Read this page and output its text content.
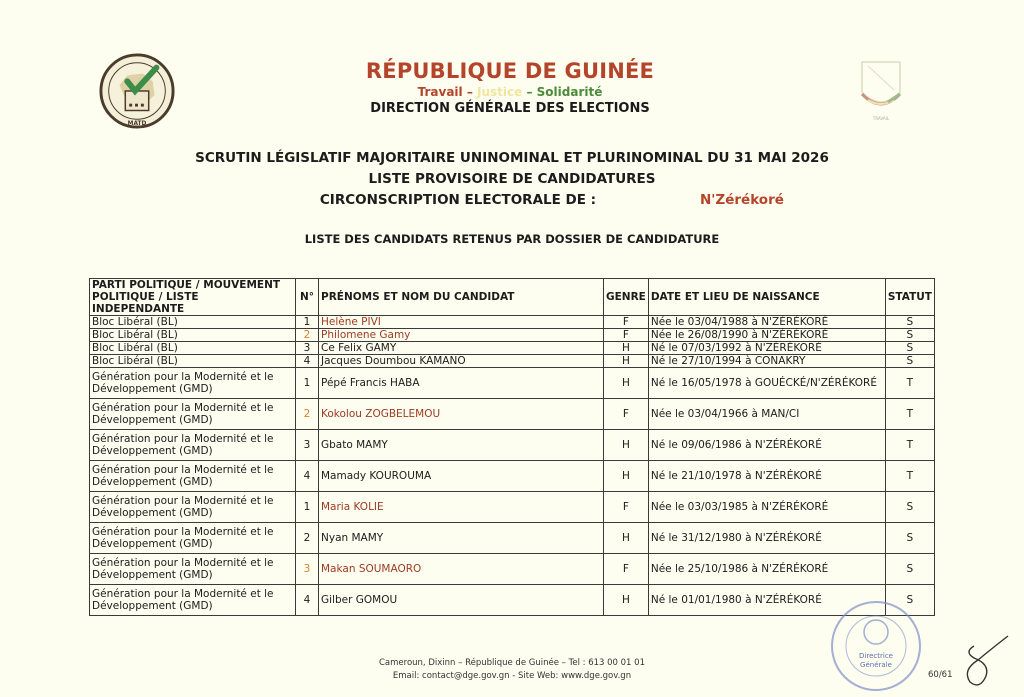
MATD
TRAVAIL
RÉPUBLIQUE DE GUINÉE
Travail – Justice – Solidarité
DIRECTION GÉNÉRALE DES ELECTIONS
SCRUTIN LÉGISLATIF MAJORITAIRE UNINOMINAL ET PLURINOMINAL DU 31 MAI 2026
LISTE PROVISOIRE DE CANDIDATURES
CIRCONSCRIPTION ELECTORALE DE :	N'Zérékoré
LISTE DES CANDIDATS RETENUS PAR DOSSIER DE CANDIDATURE
PARTI POLITIQUE / MOUVEMENT POLITIQUE / LISTE INDEPENDANTE	N°	PRÉNOMS ET NOM DU CANDIDAT	GENRE	DATE ET LIEU DE NAISSANCE	STATUT
Bloc Libéral (BL)	1	Helène PIVI	F	Née le 03/04/1988 à N'ZÉRÉKORÉ	S
Bloc Libéral (BL)	2	Philomene Gamy	F	Née le 26/08/1990 à N'ZÉRÉKORÉ	S
Bloc Libéral (BL)	3	Ce Felix GAMY	H	Né le 07/03/1992 à N'ZÉRÉKORÉ	S
Bloc Libéral (BL)	4	Jacques Doumbou KAMANO	H	Né le 27/10/1994 à CONAKRY	S
Génération pour la Modernité et le Développement (GMD)	1	Pépé Francis HABA	H	Né le 16/05/1978 à GOUÉCKÉ/N'ZÉRÉKORÉ	T
Génération pour la Modernité et le Développement (GMD)	2	Kokolou ZOGBELEMOU	F	Née le 03/04/1966 à MAN/CI	T
Génération pour la Modernité et le Développement (GMD)	3	Gbato MAMY	H	Né le 09/06/1986 à N'ZÉRÉKORÉ	T
Génération pour la Modernité et le Développement (GMD)	4	Mamady KOUROUMA	H	Né le 21/10/1978 à N'ZÉRÉKORÉ	T
Génération pour la Modernité et le Développement (GMD)	1	Maria KOLIE	F	Née le 03/03/1985 à N'ZÉRÉKORÉ	S
Génération pour la Modernité et le Développement (GMD)	2	Nyan MAMY	H	Né le 31/12/1980 à N'ZÉRÉKORÉ	S
Génération pour la Modernité et le Développement (GMD)	3	Makan SOUMAORO	F	Née le 25/10/1986 à N'ZÉRÉKORÉ	S
Génération pour la Modernité et le Développement (GMD)	4	Gilber GOMOU	H	Né le 01/01/1980 à N'ZÉRÉKORÉ	S
Cameroun, Dixinn – République de Guinée – Tel : 613 00 01 01
Email: contact@dge.gov.gn - Site Web: www.dge.gov.gn
Directrice
Générale
60/61
